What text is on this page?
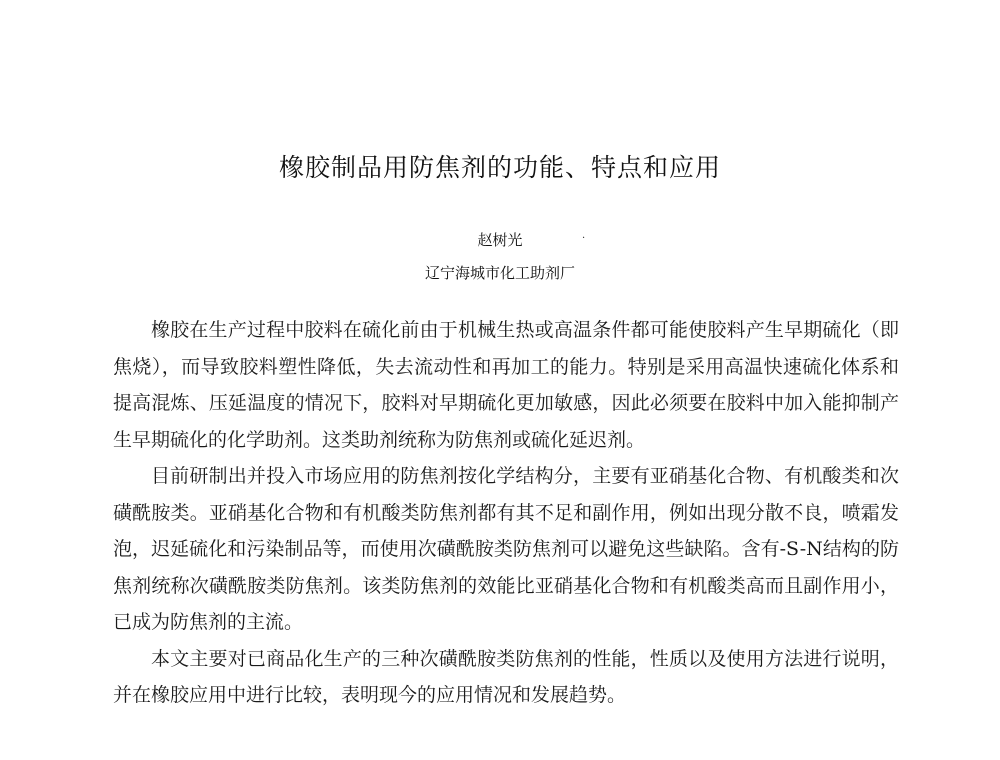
橡胶制品用防焦剂的功能、特点和应用
赵树光	·
辽宁海城市化工助剂厂

橡胶在生产过程中胶料在硫化前由于机械生热或高温条件都可能使胶料产生早期硫化（即焦烧），而导致胶料塑性降低，失去流动性和再加工的能力。特别是采用高温快速硫化体系和提高混炼、压延温度的情况下，胶料对早期硫化更加敏感，因此必须要在胶料中加入能抑制产生早期硫化的化学助剂。这类助剂统称为防焦剂或硫化延迟剂。

目前研制出并投入市场应用的防焦剂按化学结构分，主要有亚硝基化合物、有机酸类和次磺酰胺类。亚硝基化合物和有机酸类防焦剂都有其不足和副作用，例如出现分散不良，喷霜发泡，迟延硫化和污染制品等，而使用次磺酰胺类防焦剂可以避免这些缺陷。含有-S-N结构的防焦剂统称次磺酰胺类防焦剂。该类防焦剂的效能比亚硝基化合物和有机酸类高而且副作用小，已成为防焦剂的主流。

本文主要对已商品化生产的三种次磺酰胺类防焦剂的性能，性质以及使用方法进行说明，并在橡胶应用中进行比较，表明现今的应用情况和发展趋势。
